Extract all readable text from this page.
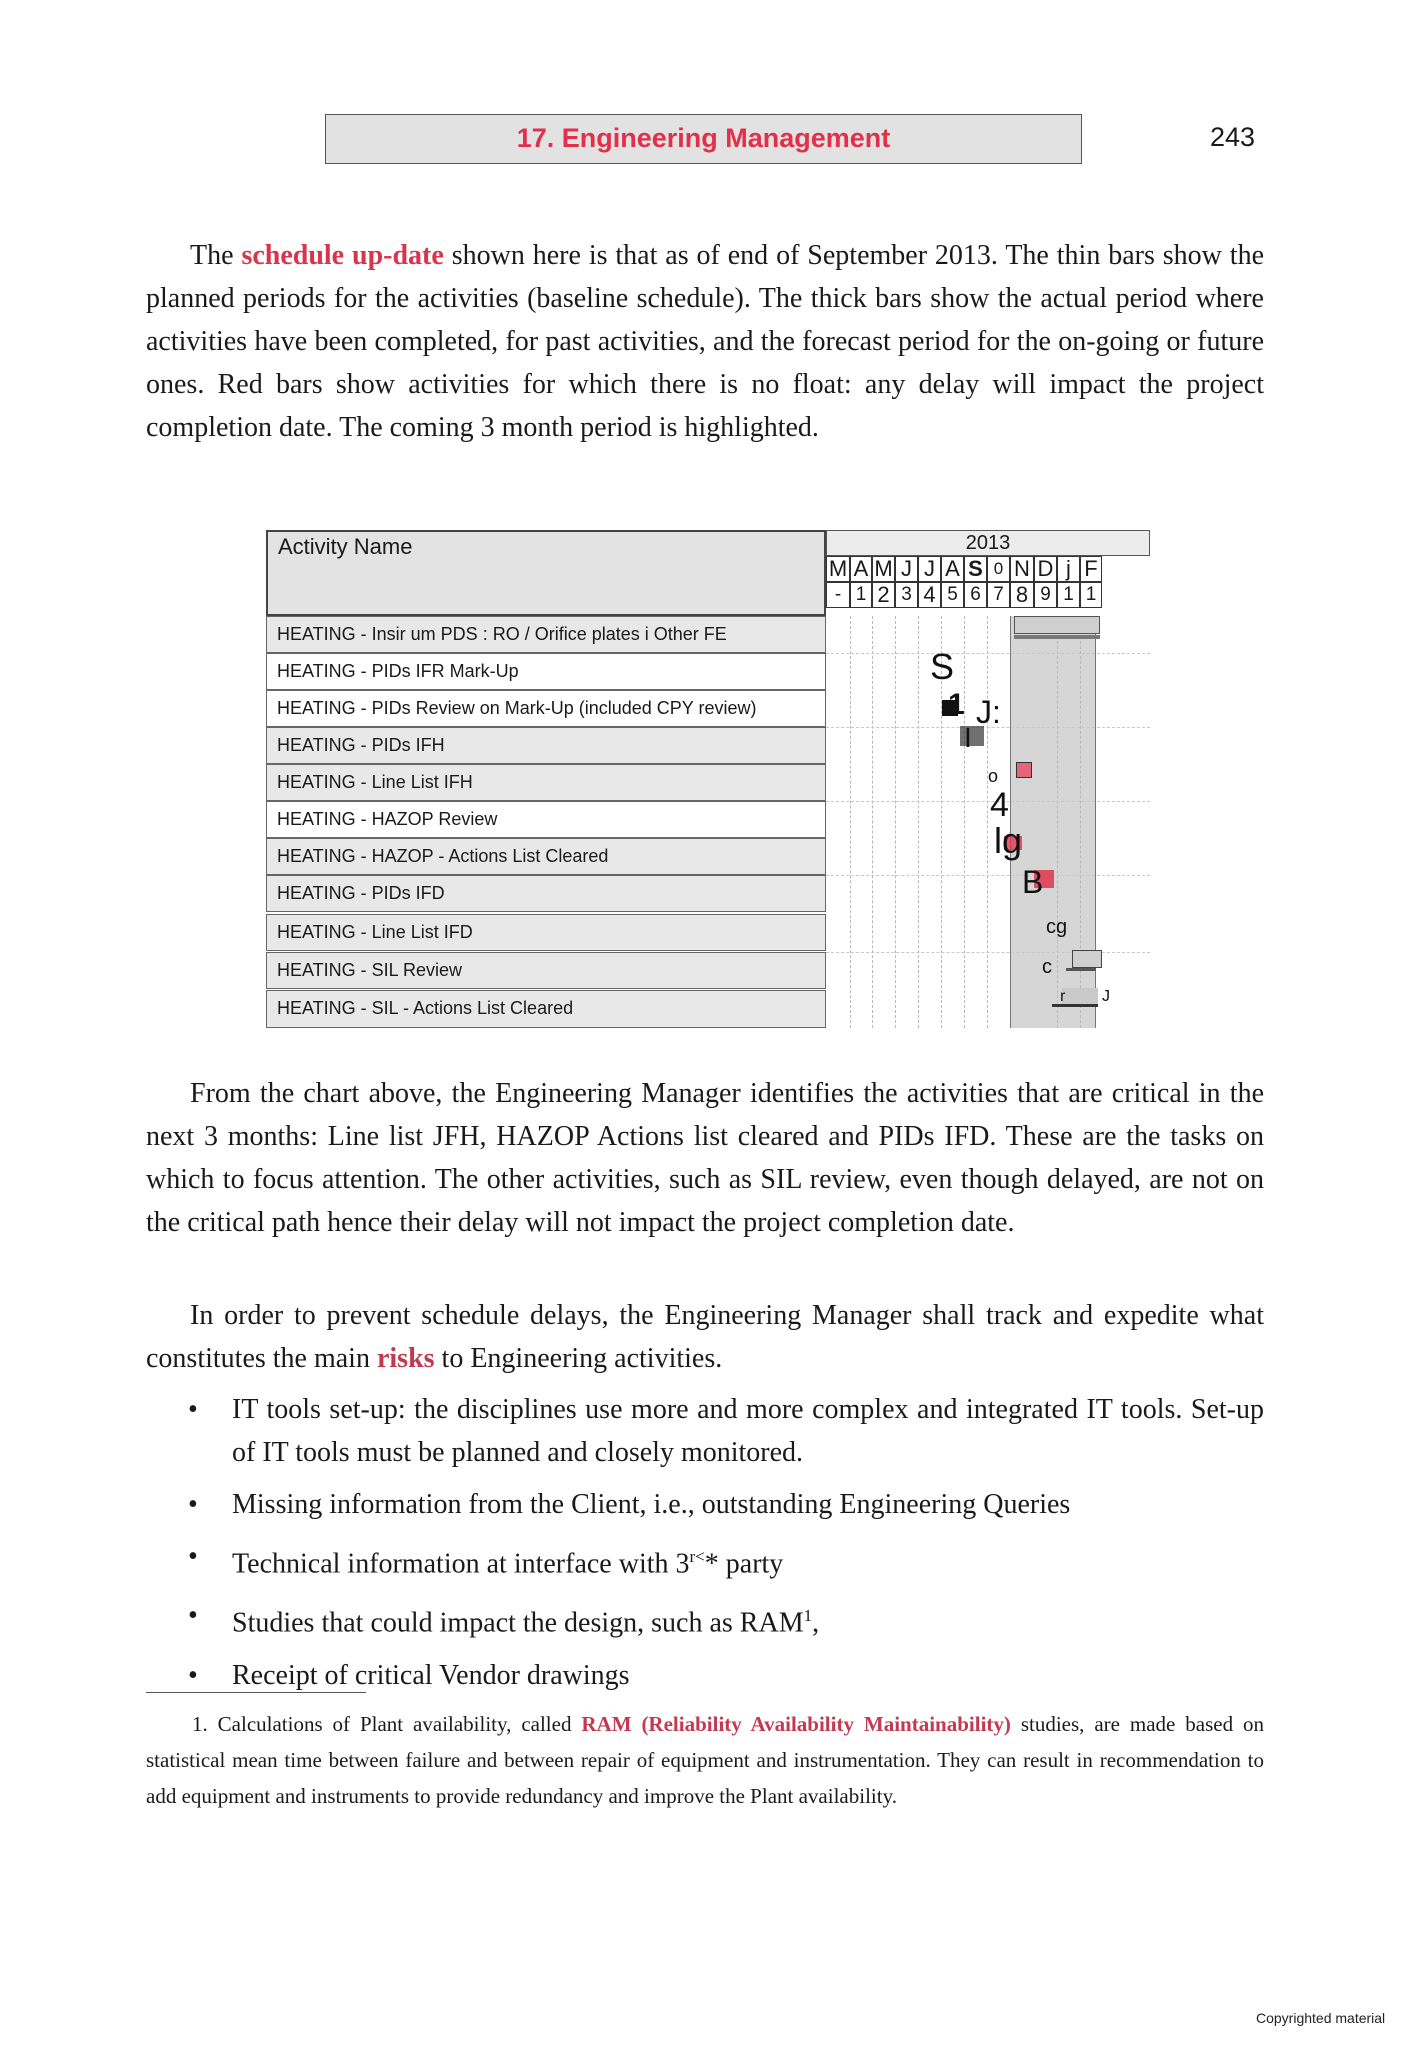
17. Engineering Management	243
The schedule up-date shown here is that as of end of September 2013. The thin bars show the planned periods for the activities (baseline schedule). The thick bars show the actual period where activities have been completed, for past activities, and the forecast period for the on-going or future ones. Red bars show activities for which there is no float: any delay will impact the project completion date. The coming 3 month period is highlighted.
Activity Name
HEATING - Insir um PDS : RO / Orifice plates i Other FE
HEATING - PIDs IFR Mark-Up
HEATING - PIDs Review on Mark-Up (included CPY review)
HEATING - PIDs IFH
HEATING - Line List IFH
HEATING - HAZOP Review
HEATING - HAZOP - Actions List Cleared
HEATING - PIDs IFD
HEATING - Line List IFD
HEATING - SIL Review
HEATING - SIL - Actions List Cleared
2013
M A M J J A S 0 N D j F
- 1 2 3 4 5 6 7 8 9 1 1
S
1 J:
I
o
4
lg
B
cg
c
r J
From the chart above, the Engineering Manager identifies the activities that are critical in the next 3 months: Line list JFH, HAZOP Actions list cleared and PIDs IFD. These are the tasks on which to focus attention. The other activities, such as SIL review, even though delayed, are not on the critical path hence their delay will not impact the project completion date.
In order to prevent schedule delays, the Engineering Manager shall track and expedite what constitutes the main risks to Engineering activities.
• IT tools set-up: the disciplines use more and more complex and integrated IT tools. Set-up of IT tools must be planned and closely monitored.
• Missing information from the Client, i.e., outstanding Engineering Queries
• Technical information at interface with $3^{r<}*$ party
• Studies that could impact the design, such as RAM$^1$,
• Receipt of critical Vendor drawings
1. Calculations of Plant availability, called RAM (Reliability Availability Maintainability) studies, are made based on statistical mean time between failure and between repair of equipment and instrumentation. They can result in recommendation to add equipment and instruments to provide redundancy and improve the Plant availability.
Copyrighted material
